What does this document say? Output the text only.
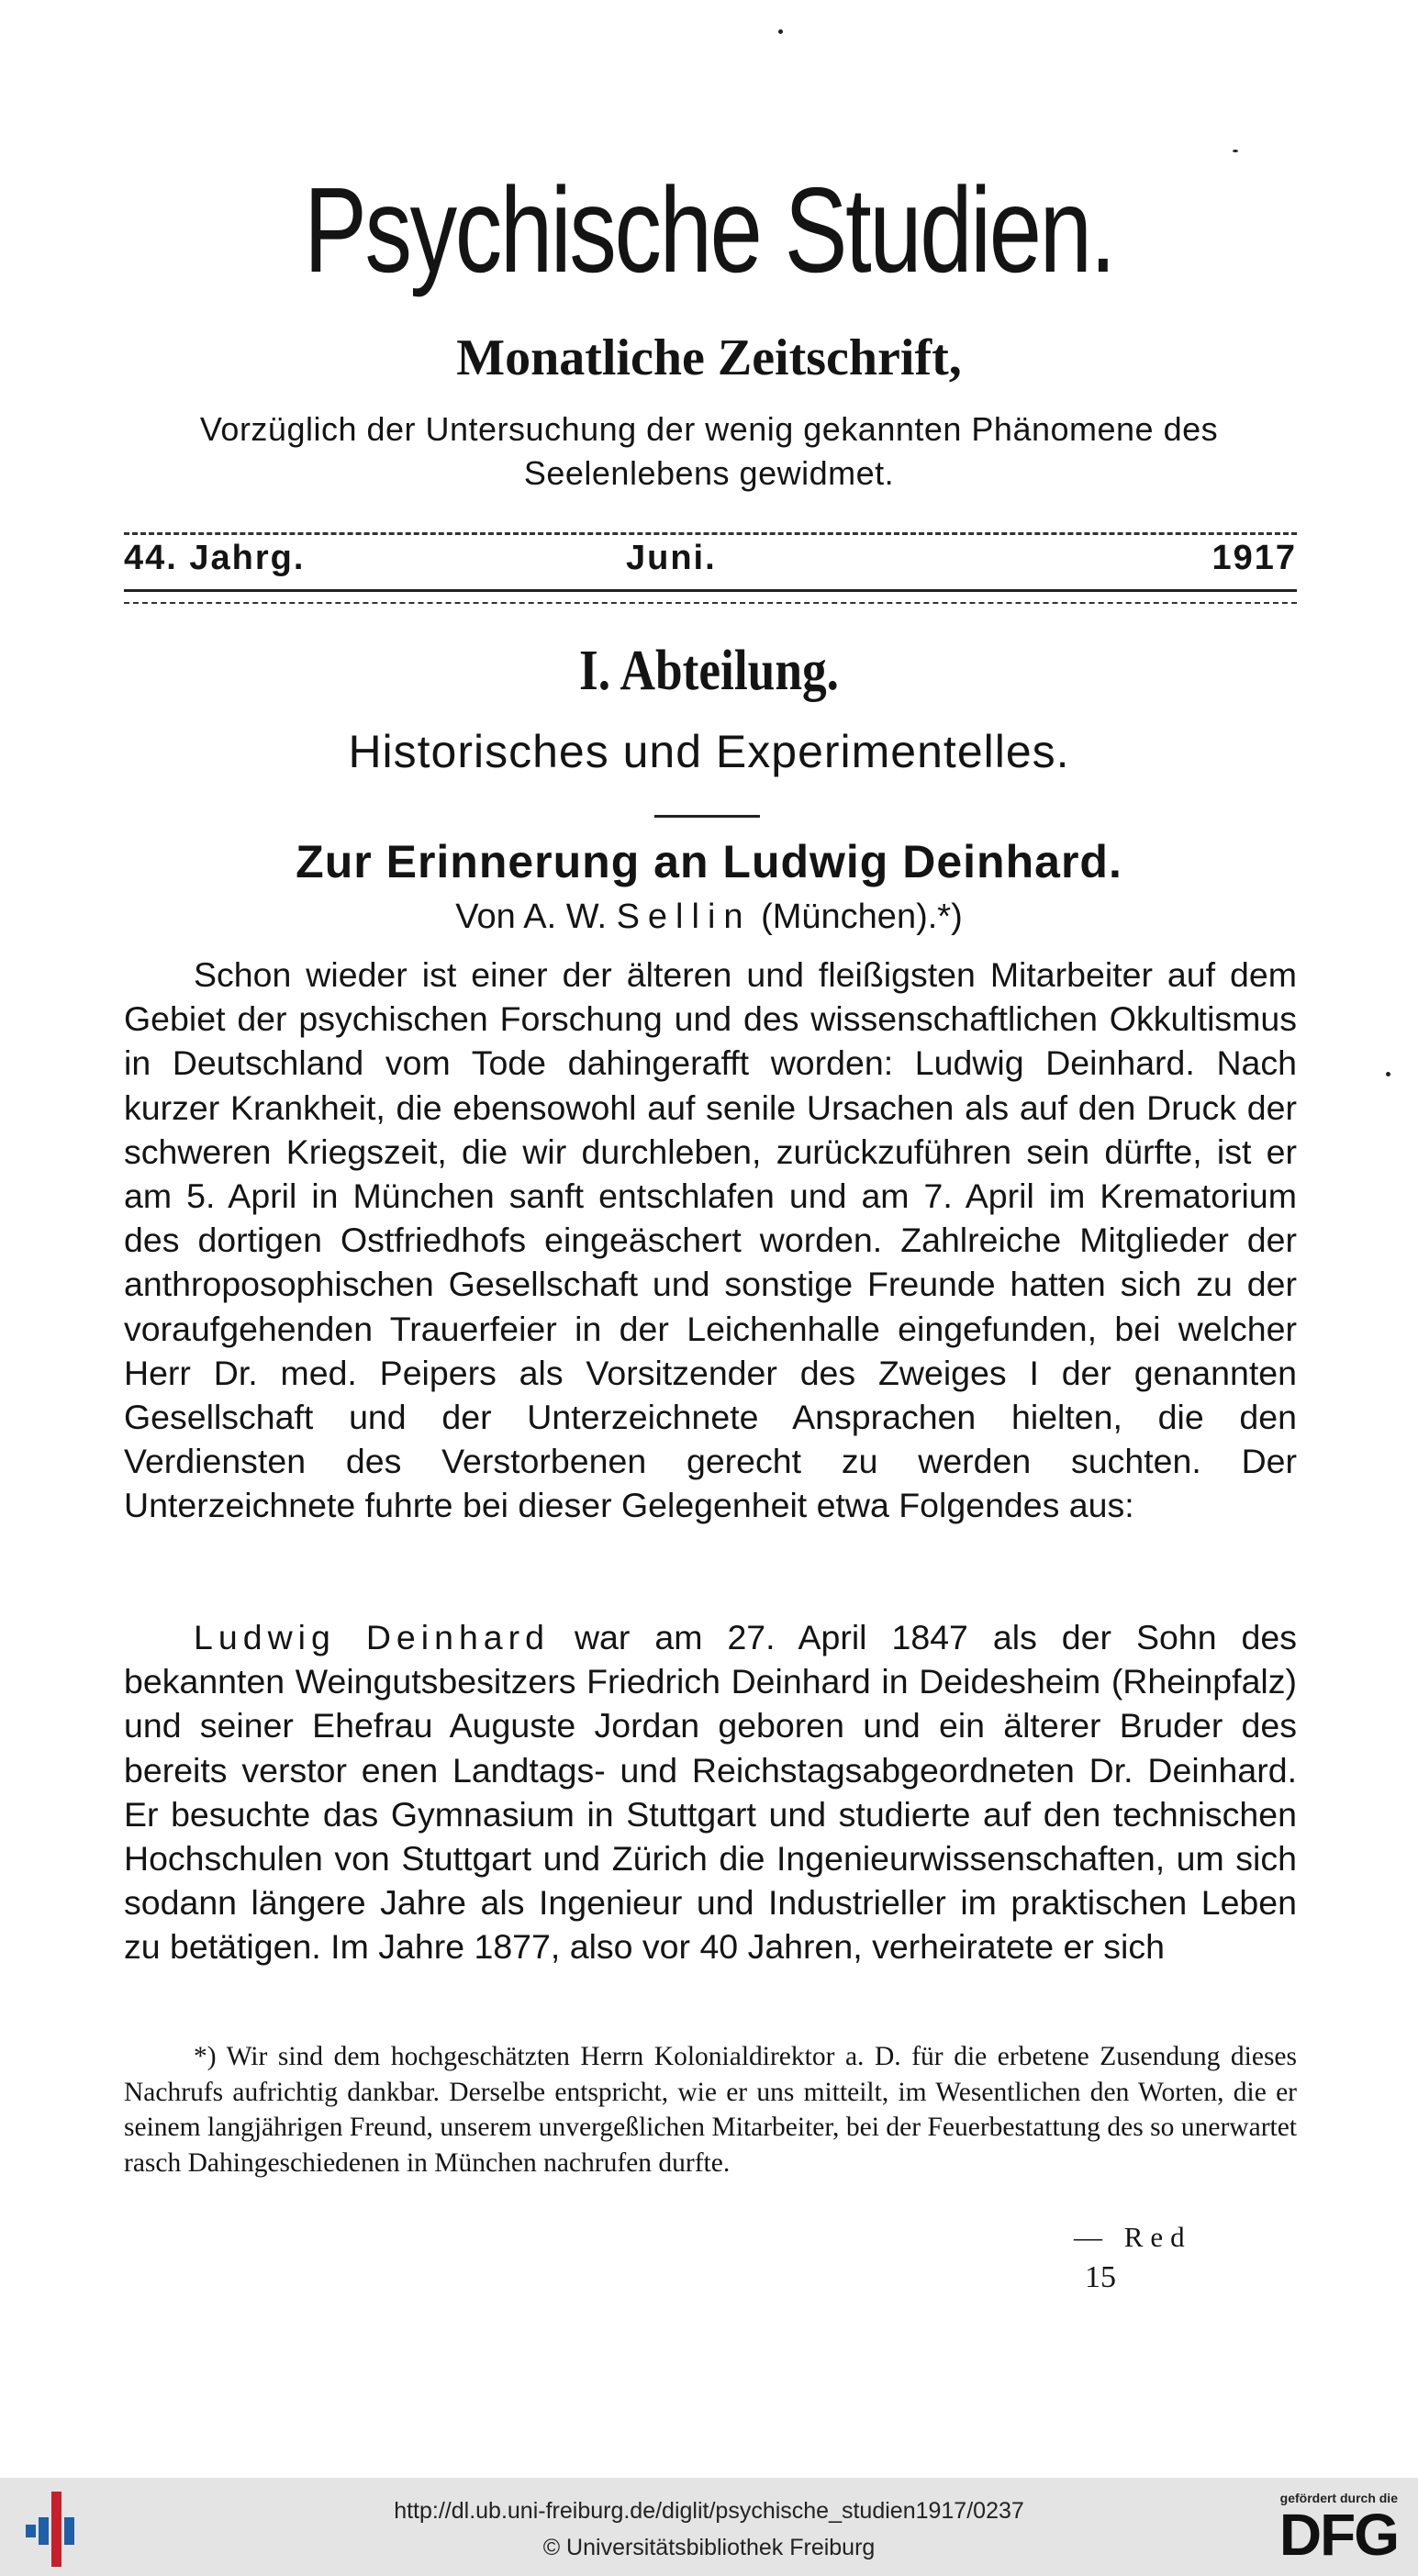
Psychische Studien.
Monatliche Zeitschrift,
Vorzüglich der Untersuchung der wenig gekannten Phänomene des
Seelenlebens gewidmet.
44. Jahrg.	Juni.	1917
I. Abteilung.
Historisches und Experimentelles.
Zur Erinnerung an Ludwig Deinhard.
Von A. W. Sellin (München).*)

Schon wieder ist einer der älteren und fleißigsten Mitarbeiter auf dem Gebiet der psychischen Forschung und des wissenschaftlichen Okkultismus in Deutschland vom Tode dahingerafft worden: Ludwig Deinhard. Nach kurzer Krankheit, die ebensowohl auf senile Ursachen als auf den Druck der schweren Kriegszeit, die wir durchleben, zurückzuführen sein dürfte, ist er am 5. April in München sanft entschlafen und am 7. April im Krematorium des dortigen Ostfriedhofs eingeäschert worden. Zahlreiche Mitglieder der anthroposophischen Gesellschaft und sonstige Freunde hatten sich zu der voraufgehenden Trauerfeier in der Leichenhalle eingefunden, bei welcher Herr Dr. med. Peipers als Vorsitzender des Zweiges I der genannten Gesellschaft und der Unterzeichnete Ansprachen hielten, die den Verdiensten des Verstorbenen gerecht zu werden suchten. Der Unterzeichnete fuhrte bei dieser Gelegenheit etwa Folgendes aus:

Ludwig Deinhard war am 27. April 1847 als der Sohn des bekannten Weingutsbesitzers Friedrich Deinhard in Deidesheim (Rheinpfalz) und seiner Ehefrau Auguste Jordan geboren und ein älterer Bruder des bereits verstor enen Landtags- und Reichstagsabgeordneten Dr. Deinhard. Er besuchte das Gymnasium in Stuttgart und studierte auf den technischen Hochschulen von Stuttgart und Zürich die Ingenieurwissenschaften, um sich sodann längere Jahre als Ingenieur und Industrieller im praktischen Leben zu betätigen. Im Jahre 1877, also vor 40 Jahren, verheiratete er sich

*) Wir sind dem hochgeschätzten Herrn Kolonialdirektor a. D. für die erbetene Zusendung dieses Nachrufs aufrichtig dankbar. Derselbe entspricht, wie er uns mitteilt, im Wesentlichen den Worten, die er seinem langjährigen Freund, unserem unvergeßlichen Mitarbeiter, bei der Feuerbestattung des so unerwartet rasch Dahingeschiedenen in München nachrufen durfte.

— Red
15
http://dl.ub.uni-freiburg.de/diglit/psychische_studien1917/0237
© Universitätsbibliothek Freiburg
gefördert durch die
DFG
